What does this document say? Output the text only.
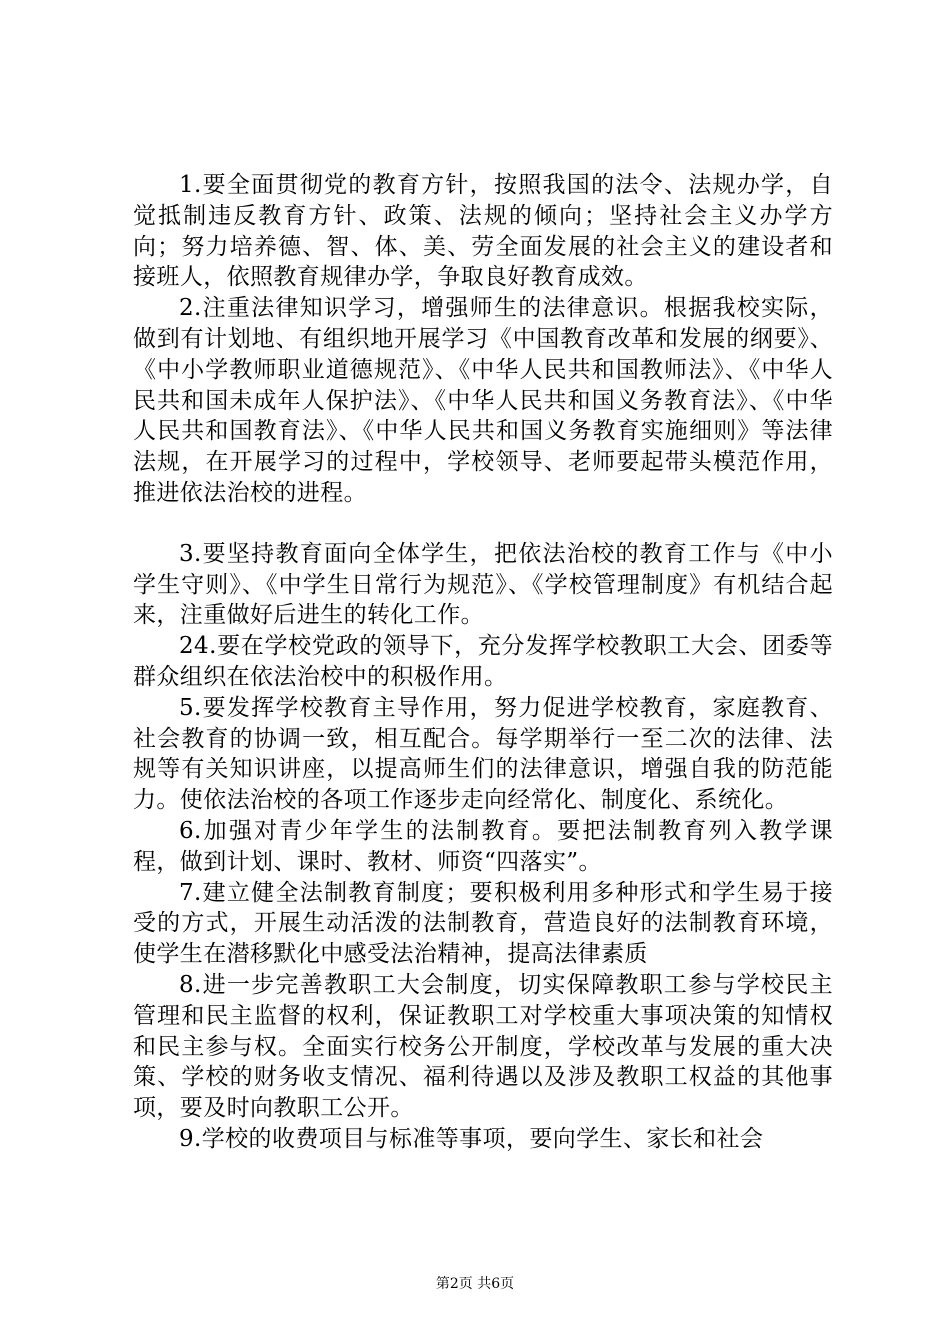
1.要全面贯彻党的教育方针，按照我国的法令、法规办学，自觉抵制违反教育方针、政策、法规的倾向；坚持社会主义办学方向；努力培养德、智、体、美、劳全面发展的社会主义的建设者和接班人，依照教育规律办学，争取良好教育成效。

2.注重法律知识学习，增强师生的法律意识。根据我校实际，做到有计划地、有组织地开展学习《中国教育改革和发展的纲要》、《中小学教师职业道德规范》、《中华人民共和国教师法》、《中华人民共和国未成年人保护法》、《中华人民共和国义务教育法》、《中华人民共和国教育法》、《中华人民共和国义务教育实施细则》等法律法规，在开展学习的过程中，学校领导、老师要起带头模范作用，推进依法治校的进程。

3.要坚持教育面向全体学生，把依法治校的教育工作与《中小学生守则》、《中学生日常行为规范》、《学校管理制度》有机结合起来，注重做好后进生的转化工作。

24.要在学校党政的领导下，充分发挥学校教职工大会、团委等群众组织在依法治校中的积极作用。

5.要发挥学校教育主导作用，努力促进学校教育，家庭教育、社会教育的协调一致，相互配合。每学期举行一至二次的法律、法规等有关知识讲座，以提高师生们的法律意识，增强自我的防范能力。使依法治校的各项工作逐步走向经常化、制度化、系统化。

6.加强对青少年学生的法制教育。要把法制教育列入教学课程，做到计划、课时、教材、师资“四落实”。

7.建立健全法制教育制度；要积极利用多种形式和学生易于接受的方式，开展生动活泼的法制教育，营造良好的法制教育环境，使学生在潜移默化中感受法治精神，提高法律素质

8.进一步完善教职工大会制度，切实保障教职工参与学校民主管理和民主监督的权利，保证教职工对学校重大事项决策的知情权和民主参与权。全面实行校务公开制度，学校改革与发展的重大决策、学校的财务收支情况、福利待遇以及涉及教职工权益的其他事项，要及时向教职工公开。

9.学校的收费项目与标准等事项，要向学生、家长和社会

第2页 共6页
